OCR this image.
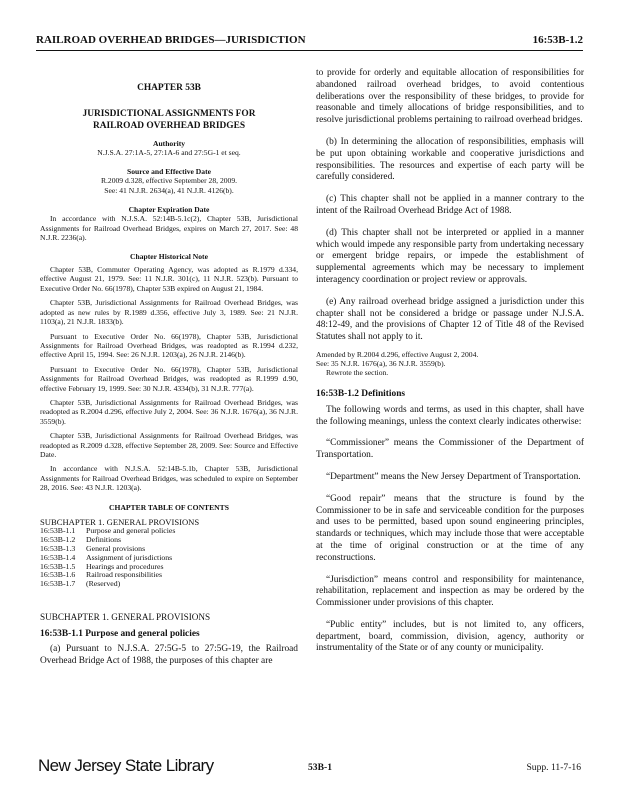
RAILROAD OVERHEAD BRIDGES—JURISDICTION	16:53B-1.2
CHAPTER 53B
JURISDICTIONAL ASSIGNMENTS FOR
RAILROAD OVERHEAD BRIDGES
Authority
N.J.S.A. 27:1A-5, 27:1A-6 and 27:5G-1 et seq.
Source and Effective Date
R.2009 d.328, effective September 28, 2009.
See: 41 N.J.R. 2634(a), 41 N.J.R. 4126(b).
Chapter Expiration Date

In accordance with N.J.S.A. 52:14B-5.1c(2), Chapter 53B, Jurisdictional Assignments for Railroad Overhead Bridges, expires on March 27, 2017. See: 48 N.J.R. 2236(a).

Chapter Historical Note

Chapter 53B, Commuter Operating Agency, was adopted as R.1979 d.334, effective August 21, 1979. See: 11 N.J.R. 301(c), 11 N.J.R. 523(b). Pursuant to Executive Order No. 66(1978), Chapter 53B expired on August 21, 1984.

Chapter 53B, Jurisdictional Assignments for Railroad Overhead Bridges, was adopted as new rules by R.1989 d.356, effective July 3, 1989. See: 21 N.J.R. 1103(a), 21 N.J.R. 1833(b).

Pursuant to Executive Order No. 66(1978), Chapter 53B, Jurisdictional Assignments for Railroad Overhead Bridges, was readopted as R.1994 d.232, effective April 15, 1994. See: 26 N.J.R. 1203(a), 26 N.J.R. 2146(b).

Pursuant to Executive Order No. 66(1978), Chapter 53B, Jurisdictional Assignments for Railroad Overhead Bridges, was readopted as R.1999 d.90, effective February 19, 1999. See: 30 N.J.R. 4334(b), 31 N.J.R. 777(a).

Chapter 53B, Jurisdictional Assignments for Railroad Overhead Bridges, was readopted as R.2004 d.296, effective July 2, 2004. See: 36 N.J.R. 1676(a), 36 N.J.R. 3559(b).

Chapter 53B, Jurisdictional Assignments for Railroad Overhead Bridges, was readopted as R.2009 d.328, effective September 28, 2009. See: Source and Effective Date.

In accordance with N.J.S.A. 52:14B-5.1b, Chapter 53B, Jurisdictional Assignments for Railroad Overhead Bridges, was scheduled to expire on September 28, 2016. See: 43 N.J.R. 1203(a).

CHAPTER TABLE OF CONTENTS
SUBCHAPTER 1. GENERAL PROVISIONS
16:53B-1.1	Purpose and general policies
16:53B-1.2	Definitions
16:53B-1.3	General provisions
16:53B-1.4	Assignment of jurisdictions
16:53B-1.5	Hearings and procedures
16:53B-1.6	Railroad responsibilities
16:53B-1.7	(Reserved)
SUBCHAPTER 1. GENERAL PROVISIONS
16:53B-1.1 Purpose and general policies

(a) Pursuant to N.J.S.A. 27:5G-5 to 27:5G-19, the Railroad Overhead Bridge Act of 1988, the purposes of this chapter are

to provide for orderly and equitable allocation of responsibilities for abandoned railroad overhead bridges, to avoid contentious deliberations over the responsibility of these bridges, to provide for reasonable and timely allocations of bridge responsibilities, and to resolve jurisdictional problems pertaining to railroad overhead bridges.

(b) In determining the allocation of responsibilities, emphasis will be put upon obtaining workable and cooperative jurisdictions and responsibilities. The resources and expertise of each party will be carefully considered.

(c) This chapter shall not be applied in a manner contrary to the intent of the Railroad Overhead Bridge Act of 1988.

(d) This chapter shall not be interpreted or applied in a manner which would impede any responsible party from undertaking necessary or emergent bridge repairs, or impede the establishment of supplemental agreements which may be necessary to implement interagency coordination or project review or approvals.

(e) Any railroad overhead bridge assigned a jurisdiction under this chapter shall not be considered a bridge or passage under N.J.S.A. 48:12-49, and the provisions of Chapter 12 of Title 48 of the Revised Statutes shall not apply to it.

Amended by R.2004 d.296, effective August 2, 2004.
See: 35 N.J.R. 1676(a), 36 N.J.R. 3559(b).
Rewrote the section.
16:53B-1.2 Definitions

The following words and terms, as used in this chapter, shall have the following meanings, unless the context clearly indicates otherwise:

“Commissioner” means the Commissioner of the Department of Transportation.

“Department” means the New Jersey Department of Transportation.

“Good repair” means that the structure is found by the Commissioner to be in safe and serviceable condition for the purposes and uses to be permitted, based upon sound engineering principles, standards or techniques, which may include those that were acceptable at the time of original construction or at the time of any reconstructions.

“Jurisdiction” means control and responsibility for maintenance, rehabilitation, replacement and inspection as may be ordered by the Commissioner under provisions of this chapter.

“Public entity” includes, but is not limited to, any officers, department, board, commission, division, agency, authority or instrumentality of the State or of any county or municipality.

New Jersey State Library	53B-1	Supp. 11-7-16
